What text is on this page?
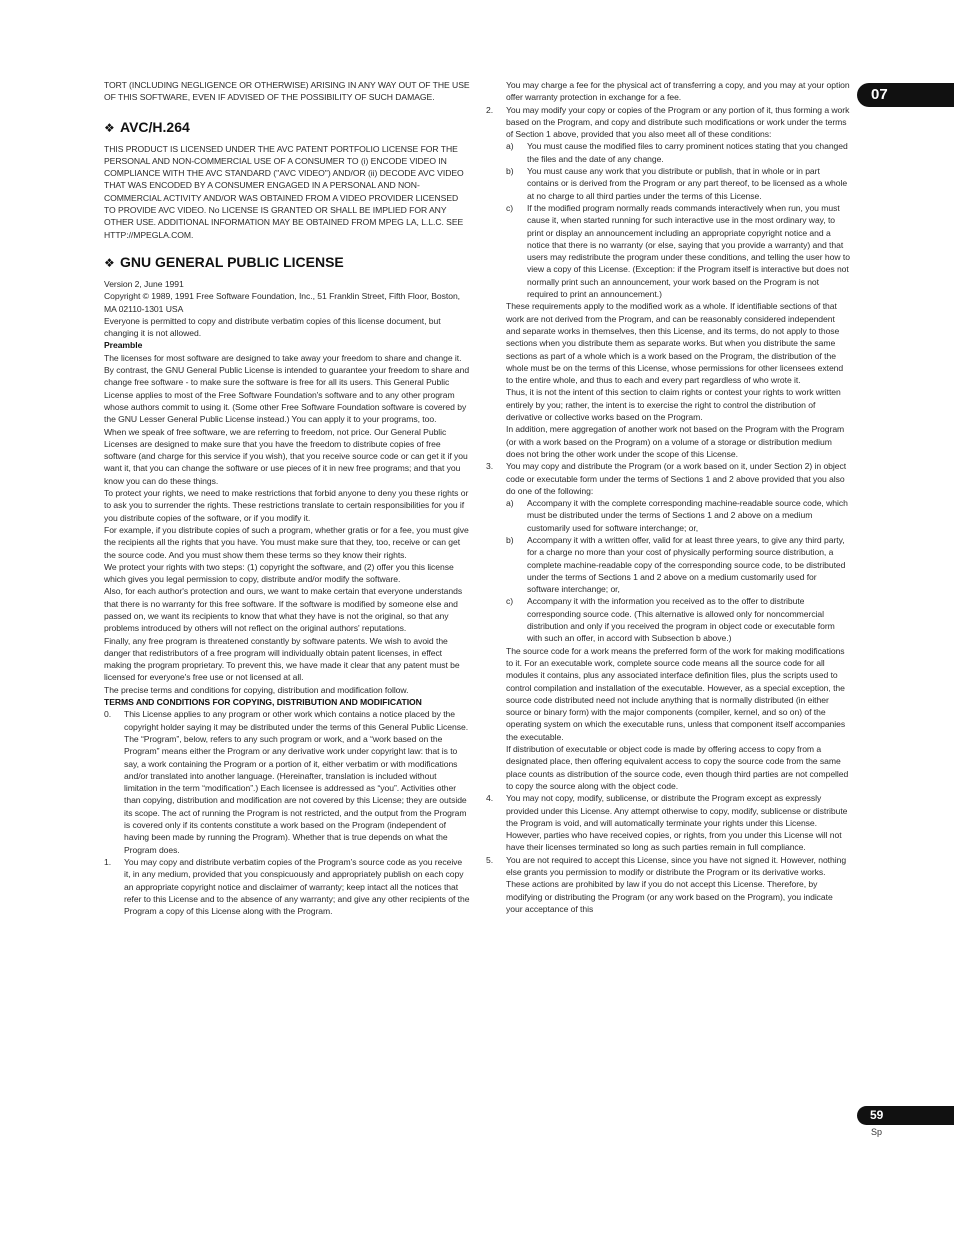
07

TORT (INCLUDING NEGLIGENCE OR OTHERWISE) ARISING IN ANY WAY OUT OF THE USE OF THIS SOFTWARE, EVEN IF ADVISED OF THE POSSIBILITY OF SUCH DAMAGE.

❖ AVC/H.264

THIS PRODUCT IS LICENSED UNDER THE AVC PATENT PORTFOLIO LICENSE FOR THE PERSONAL AND NON-COMMERCIAL USE OF A CONSUMER TO (i) ENCODE VIDEO IN COMPLIANCE WITH THE AVC STANDARD ("AVC VIDEO") AND/OR (ii) DECODE AVC VIDEO THAT WAS ENCODED BY A CONSUMER ENGAGED IN A PERSONAL AND NON-COMMERCIAL ACTIVITY AND/OR WAS OBTAINED FROM A VIDEO PROVIDER LICENSED TO PROVIDE AVC VIDEO. No LICENSE IS GRANTED OR SHALL BE IMPLIED FOR ANY OTHER USE. ADDITIONAL INFORMATION MAY BE OBTAINED FROM MPEG LA, L.L.C. SEE HTTP://MPEGLA.COM.

❖ GNU GENERAL PUBLIC LICENSE

Version 2, June 1991

Copyright © 1989, 1991 Free Software Foundation, Inc., 51 Franklin Street, Fifth Floor, Boston, MA 02110-1301 USA

Everyone is permitted to copy and distribute verbatim copies of this license document, but changing it is not allowed.

Preamble

The licenses for most software are designed to take away your freedom to share and change it. By contrast, the GNU General Public License is intended to guarantee your freedom to share and change free software - to make sure the software is free for all its users. This General Public License applies to most of the Free Software Foundation's software and to any other program whose authors commit to using it. (Some other Free Software Foundation software is covered by the GNU Lesser General Public License instead.) You can apply it to your programs, too.

When we speak of free software, we are referring to freedom, not price. Our General Public Licenses are designed to make sure that you have the freedom to distribute copies of free software (and charge for this service if you wish), that you receive source code or can get it if you want it, that you can change the software or use pieces of it in new free programs; and that you know you can do these things.

To protect your rights, we need to make restrictions that forbid anyone to deny you these rights or to ask you to surrender the rights. These restrictions translate to certain responsibilities for you if you distribute copies of the software, or if you modify it.

For example, if you distribute copies of such a program, whether gratis or for a fee, you must give the recipients all the rights that you have. You must make sure that they, too, receive or can get the source code. And you must show them these terms so they know their rights.

We protect your rights with two steps: (1) copyright the software, and (2) offer you this license which gives you legal permission to copy, distribute and/or modify the software.

Also, for each author's protection and ours, we want to make certain that everyone understands that there is no warranty for this free software. If the software is modified by someone else and passed on, we want its recipients to know that what they have is not the original, so that any problems introduced by others will not reflect on the original authors' reputations.

Finally, any free program is threatened constantly by software patents. We wish to avoid the danger that redistributors of a free program will individually obtain patent licenses, in effect making the program proprietary. To prevent this, we have made it clear that any patent must be licensed for everyone's free use or not licensed at all.

The precise terms and conditions for copying, distribution and modification follow.

TERMS AND CONDITIONS FOR COPYING, DISTRIBUTION AND MODIFICATION

0.	This License applies to any program or other work which contains a notice placed by the copyright holder saying it may be distributed under the terms of this General Public License. The “Program”, below, refers to any such program or work, and a “work based on the Program” means either the Program or any derivative work under copyright law: that is to say, a work containing the Program or a portion of it, either verbatim or with modifications and/or translated into another language. (Hereinafter, translation is included without limitation in the term “modification”.) Each licensee is addressed as “you”. Activities other than copying, distribution and modification are not covered by this License; they are outside its scope. The act of running the Program is not restricted, and the output from the Program is covered only if its contents constitute a work based on the Program (independent of having been made by running the Program). Whether that is true depends on what the Program does.
1.	You may copy and distribute verbatim copies of the Program’s source code as you receive it, in any medium, provided that you conspicuously and appropriately publish on each copy an appropriate copyright notice and disclaimer of warranty; keep intact all the notices that refer to this License and to the absence of any warranty; and give any other recipients of the Program a copy of this License along with the Program.

You may charge a fee for the physical act of transferring a copy, and you may at your option offer warranty protection in exchange for a fee.

2.	You may modify your copy or copies of the Program or any portion of it, thus forming a work based on the Program, and copy and distribute such modifications or work under the terms of Section 1 above, provided that you also meet all of these conditions:
a)	You must cause the modified files to carry prominent notices stating that you changed the files and the date of any change.
b)	You must cause any work that you distribute or publish, that in whole or in part contains or is derived from the Program or any part thereof, to be licensed as a whole at no charge to all third parties under the terms of this License.
c)	If the modified program normally reads commands interactively when run, you must cause it, when started running for such interactive use in the most ordinary way, to print or display an announcement including an appropriate copyright notice and a notice that there is no warranty (or else, saying that you provide a warranty) and that users may redistribute the program under these conditions, and telling the user how to view a copy of this License. (Exception: if the Program itself is interactive but does not normally print such an announcement, your work based on the Program is not required to print an announcement.)

These requirements apply to the modified work as a whole. If identifiable sections of that work are not derived from the Program, and can be reasonably considered independent and separate works in themselves, then this License, and its terms, do not apply to those sections when you distribute them as separate works. But when you distribute the same sections as part of a whole which is a work based on the Program, the distribution of the whole must be on the terms of this License, whose permissions for other licensees extend to the entire whole, and thus to each and every part regardless of who wrote it.

Thus, it is not the intent of this section to claim rights or contest your rights to work written entirely by you; rather, the intent is to exercise the right to control the distribution of derivative or collective works based on the Program.

In addition, mere aggregation of another work not based on the Program with the Program (or with a work based on the Program) on a volume of a storage or distribution medium does not bring the other work under the scope of this License.

3.	You may copy and distribute the Program (or a work based on it, under Section 2) in object code or executable form under the terms of Sections 1 and 2 above provided that you also do one of the following:
a)	Accompany it with the complete corresponding machine-readable source code, which must be distributed under the terms of Sections 1 and 2 above on a medium customarily used for software interchange; or,
b)	Accompany it with a written offer, valid for at least three years, to give any third party, for a charge no more than your cost of physically performing source distribution, a complete machine-readable copy of the corresponding source code, to be distributed under the terms of Sections 1 and 2 above on a medium customarily used for software interchange; or,
c)	Accompany it with the information you received as to the offer to distribute corresponding source code. (This alternative is allowed only for noncommercial distribution and only if you received the program in object code or executable form with such an offer, in accord with Subsection b above.)

The source code for a work means the preferred form of the work for making modifications to it. For an executable work, complete source code means all the source code for all modules it contains, plus any associated interface definition files, plus the scripts used to control compilation and installation of the executable. However, as a special exception, the source code distributed need not include anything that is normally distributed (in either source or binary form) with the major components (compiler, kernel, and so on) of the operating system on which the executable runs, unless that component itself accompanies the executable.

If distribution of executable or object code is made by offering access to copy from a designated place, then offering equivalent access to copy the source code from the same place counts as distribution of the source code, even though third parties are not compelled to copy the source along with the object code.

4.	You may not copy, modify, sublicense, or distribute the Program except as expressly provided under this License. Any attempt otherwise to copy, modify, sublicense or distribute the Program is void, and will automatically terminate your rights under this License. However, parties who have received copies, or rights, from you under this License will not have their licenses terminated so long as such parties remain in full compliance.
5.	You are not required to accept this License, since you have not signed it. However, nothing else grants you permission to modify or distribute the Program or its derivative works. These actions are prohibited by law if you do not accept this License. Therefore, by modifying or distributing the Program (or any work based on the Program), you indicate your acceptance of this
59
Sp
